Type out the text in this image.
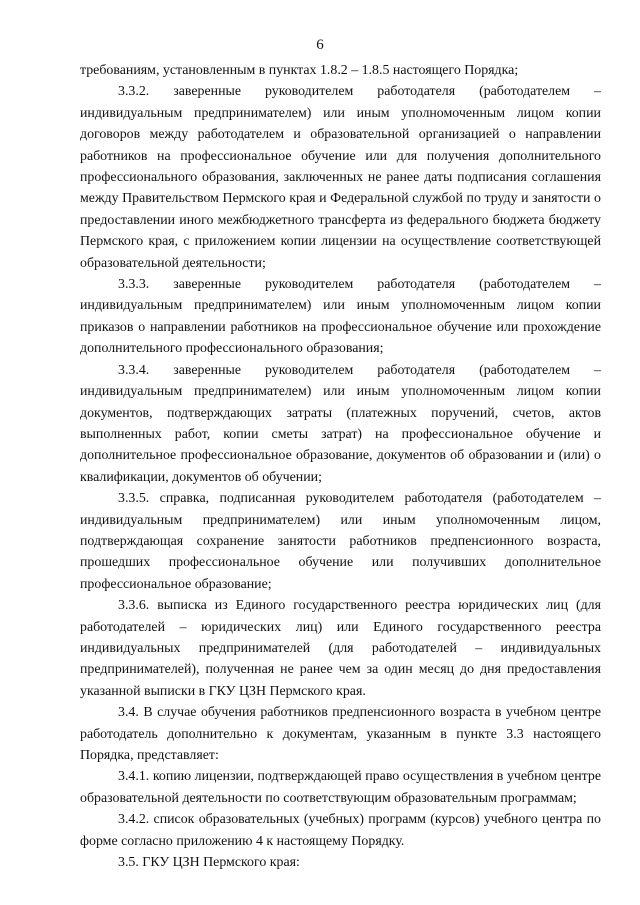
6

требованиям, установленным в пунктах 1.8.2 – 1.8.5 настоящего Порядка;

3.3.2. заверенные руководителем работодателя (работодателем – индивидуальным предпринимателем) или иным уполномоченным лицом копии договоров между работодателем и образовательной организацией о направлении работников на профессиональное обучение или для получения дополнительного профессионального образования, заключенных не ранее даты подписания соглашения между Правительством Пермского края и Федеральной службой по труду и занятости о предоставлении иного межбюджетного трансферта из федерального бюджета бюджету Пермского края, с приложением копии лицензии на осуществление соответствующей образовательной деятельности;

3.3.3. заверенные руководителем работодателя (работодателем – индивидуальным предпринимателем) или иным уполномоченным лицом копии приказов о направлении работников на профессиональное обучение или прохождение дополнительного профессионального образования;

3.3.4. заверенные руководителем работодателя (работодателем – индивидуальным предпринимателем) или иным уполномоченным лицом копии документов, подтверждающих затраты (платежных поручений, счетов, актов выполненных работ, копии сметы затрат) на профессиональное обучение и дополнительное профессиональное образование, документов об образовании и (или) о квалификации, документов об обучении;

3.3.5. справка, подписанная руководителем работодателя (работодателем – индивидуальным предпринимателем) или иным уполномоченным лицом, подтверждающая сохранение занятости работников предпенсионного возраста, прошедших профессиональное обучение или получивших дополнительное профессиональное образование;

3.3.6. выписка из Единого государственного реестра юридических лиц (для работодателей – юридических лиц) или Единого государственного реестра индивидуальных предпринимателей (для работодателей – индивидуальных предпринимателей), полученная не ранее чем за один месяц до дня предоставления указанной выписки в ГКУ ЦЗН Пермского края.

3.4. В случае обучения работников предпенсионного возраста в учебном центре работодатель дополнительно к документам, указанным в пункте 3.3 настоящего Порядка, представляет:

3.4.1. копию лицензии, подтверждающей право осуществления в учебном центре образовательной деятельности по соответствующим образовательным программам;

3.4.2. список образовательных (учебных) программ (курсов) учебного центра по форме согласно приложению 4 к настоящему Порядку.

3.5. ГКУ ЦЗН Пермского края:
